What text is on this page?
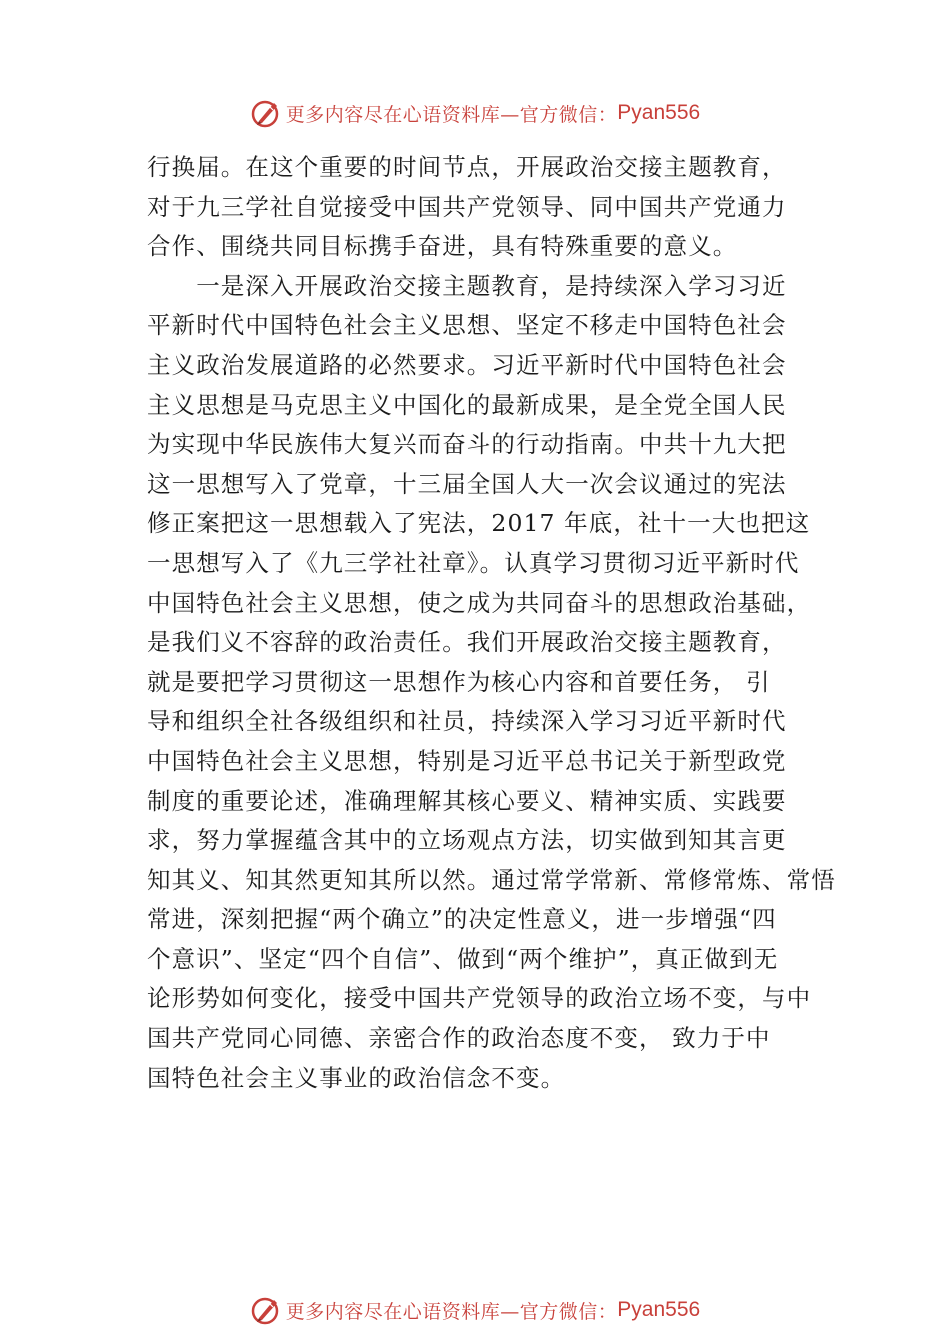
更多内容尽在心语资料库—官方微信： Pyan556
行换届。在这个重要的时间节点，开展政治交接主题教育，
对于九三学社自觉接受中国共产党领导、同中国共产党通力
合作、围绕共同目标携手奋进，具有特殊重要的意义。
　　一是深入开展政治交接主题教育，是持续深入学习习近
平新时代中国特色社会主义思想、坚定不移走中国特色社会
主义政治发展道路的必然要求。习近平新时代中国特色社会
主义思想是马克思主义中国化的最新成果，是全党全国人民
为实现中华民族伟大复兴而奋斗的行动指南。中共十九大把
这一思想写入了党章，十三届全国人大一次会议通过的宪法
修正案把这一思想载入了宪法，2017 年底，社十一大也把这
一思想写入了《九三学社社章》。认真学习贯彻习近平新时代
中国特色社会主义思想，使之成为共同奋斗的思想政治基础，
是我们义不容辞的政治责任。我们开展政治交接主题教育，
就是要把学习贯彻这一思想作为核心内容和首要任务， 引
导和组织全社各级组织和社员，持续深入学习习近平新时代
中国特色社会主义思想，特别是习近平总书记关于新型政党
制度的重要论述，准确理解其核心要义、精神实质、实践要
求，努力掌握蕴含其中的立场观点方法，切实做到知其言更
知其义、知其然更知其所以然。通过常学常新、常修常炼、常悟
常进，深刻把握“两个确立”的决定性意义，进一步增强“四
个意识”、坚定“四个自信”、做到“两个维护”，真正做到无
论形势如何变化，接受中国共产党领导的政治立场不变，与中
国共产党同心同德、亲密合作的政治态度不变， 致力于中
国特色社会主义事业的政治信念不变。
更多内容尽在心语资料库—官方微信： Pyan556
